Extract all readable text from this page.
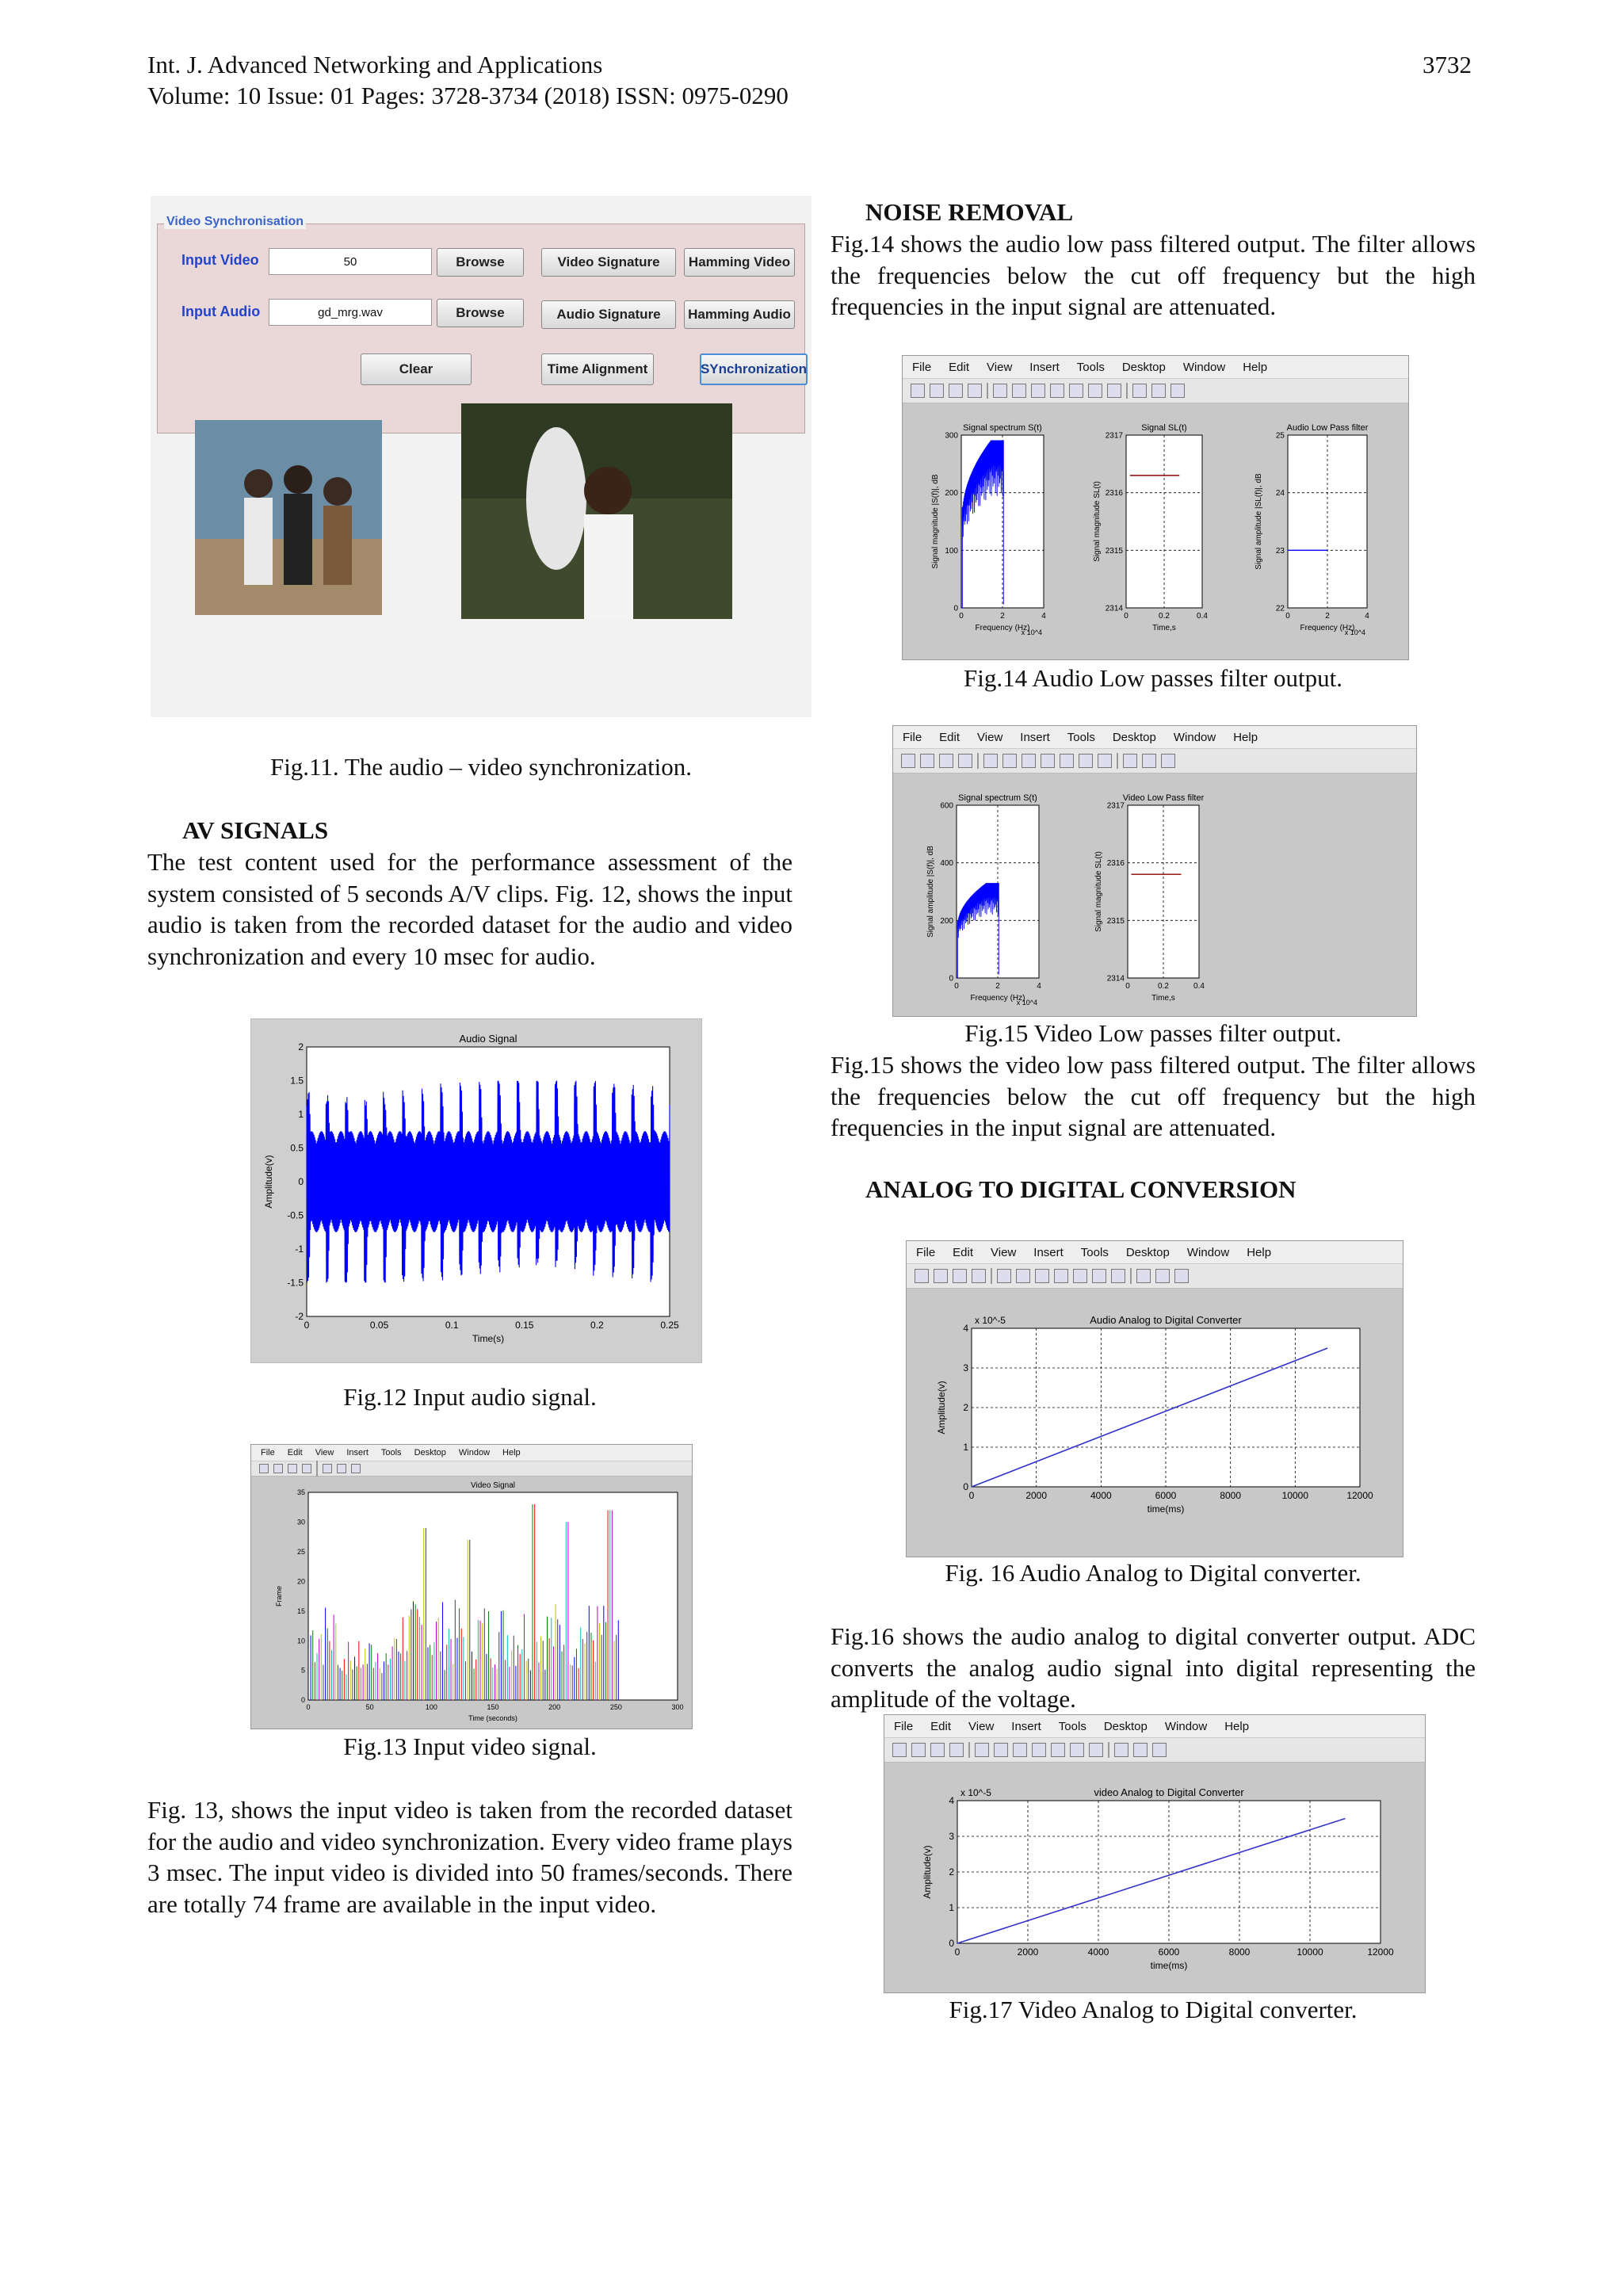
Int. J. Advanced Networking and Applications
Volume: 10 Issue: 01 Pages: 3728-3734 (2018) ISSN: 0975-0290
3732
Video Synchronisation
Input Video	50	Browse	Video Signature	Hamming Video
Input Audio	gd_mrg.wav	Browse	Audio Signature	Hamming Audio
Clear	Time Alignment	SYnchronization
Fig.11. The audio – video synchronization.
AV SIGNALS
The test content used for the performance assessment of the system consisted of 5 seconds A/V clips. Fig. 12, shows the input audio is taken from the recorded dataset for the audio and video synchronization and every 10 msec for audio.
0	0.05	0.1	0.15	0.2	0.25
2
1.5
1
0.5
0
-0.5
-1
-1.5
-2
Audio Signal
Time(s)
Amplitude(v)
Fig.12 Input audio signal.
File Edit View Insert Tools Desktop Window Help
0	50	100	150	200	250	300
35
30
25
20
15
10
5
0
Video Signal
Time (seconds)
Frame
Fig.13 Input video signal.
Fig. 13, shows the input video is taken from the recorded dataset for the audio and video synchronization. Every video frame plays 3 msec. The input video is divided into 50 frames/seconds. There are totally 74 frame are available in the input video.
NOISE REMOVAL
Fig.14 shows the audio low pass filtered output. The filter allows the frequencies below the cut off frequency but the high frequencies in the input signal are attenuated.
File Edit View Insert Tools Desktop Window Help
0	2	4
300
200
100
0
Signal spectrum S(t)
Frequency (Hz)
Signal magnitude |S(f)|, dB
x 10^4
0	0.2	0.4
2317
2316
2315
2314
Signal SL(t)
Time,s
Signal magnitude SL(t)
0	2	4
25
24
23
22
Audio Low Pass filter
Frequency (Hz)
Signal amplitude |SL(f)|, dB
x 10^4
Fig.14 Audio Low passes filter output.
File Edit View Insert Tools Desktop Window Help
0	2	4
600
400
200
0
Signal spectrum S(t)
Frequency (Hz)
Signal amplitude |S(f)|, dB
x 10^4
0	0.2	0.4
2317
2316
2315
2314
Video Low Pass filter
Time,s
Signal magnitude SL(t)
Fig.15 Video Low passes filter output.
Fig.15 shows the video low pass filtered output. The filter allows the frequencies below the cut off frequency but the high frequencies in the input signal are attenuated.
ANALOG TO DIGITAL CONVERSION
File Edit View Insert Tools Desktop Window Help
0	2000	4000	6000	8000	10000	12000
4
3
2
1
0
Audio Analog to Digital Converter
time(ms)
Amplitude(v)
x 10^-5
Fig. 16 Audio Analog to Digital converter.
Fig.16 shows the audio analog to digital converter output. ADC converts the analog audio signal into digital representing the amplitude of the voltage.
File Edit View Insert Tools Desktop Window Help
0	2000	4000	6000	8000	10000	12000
4
3
2
1
0
video Analog to Digital Converter
time(ms)
Amplitude(v)
x 10^-5
Fig.17 Video Analog to Digital converter.
